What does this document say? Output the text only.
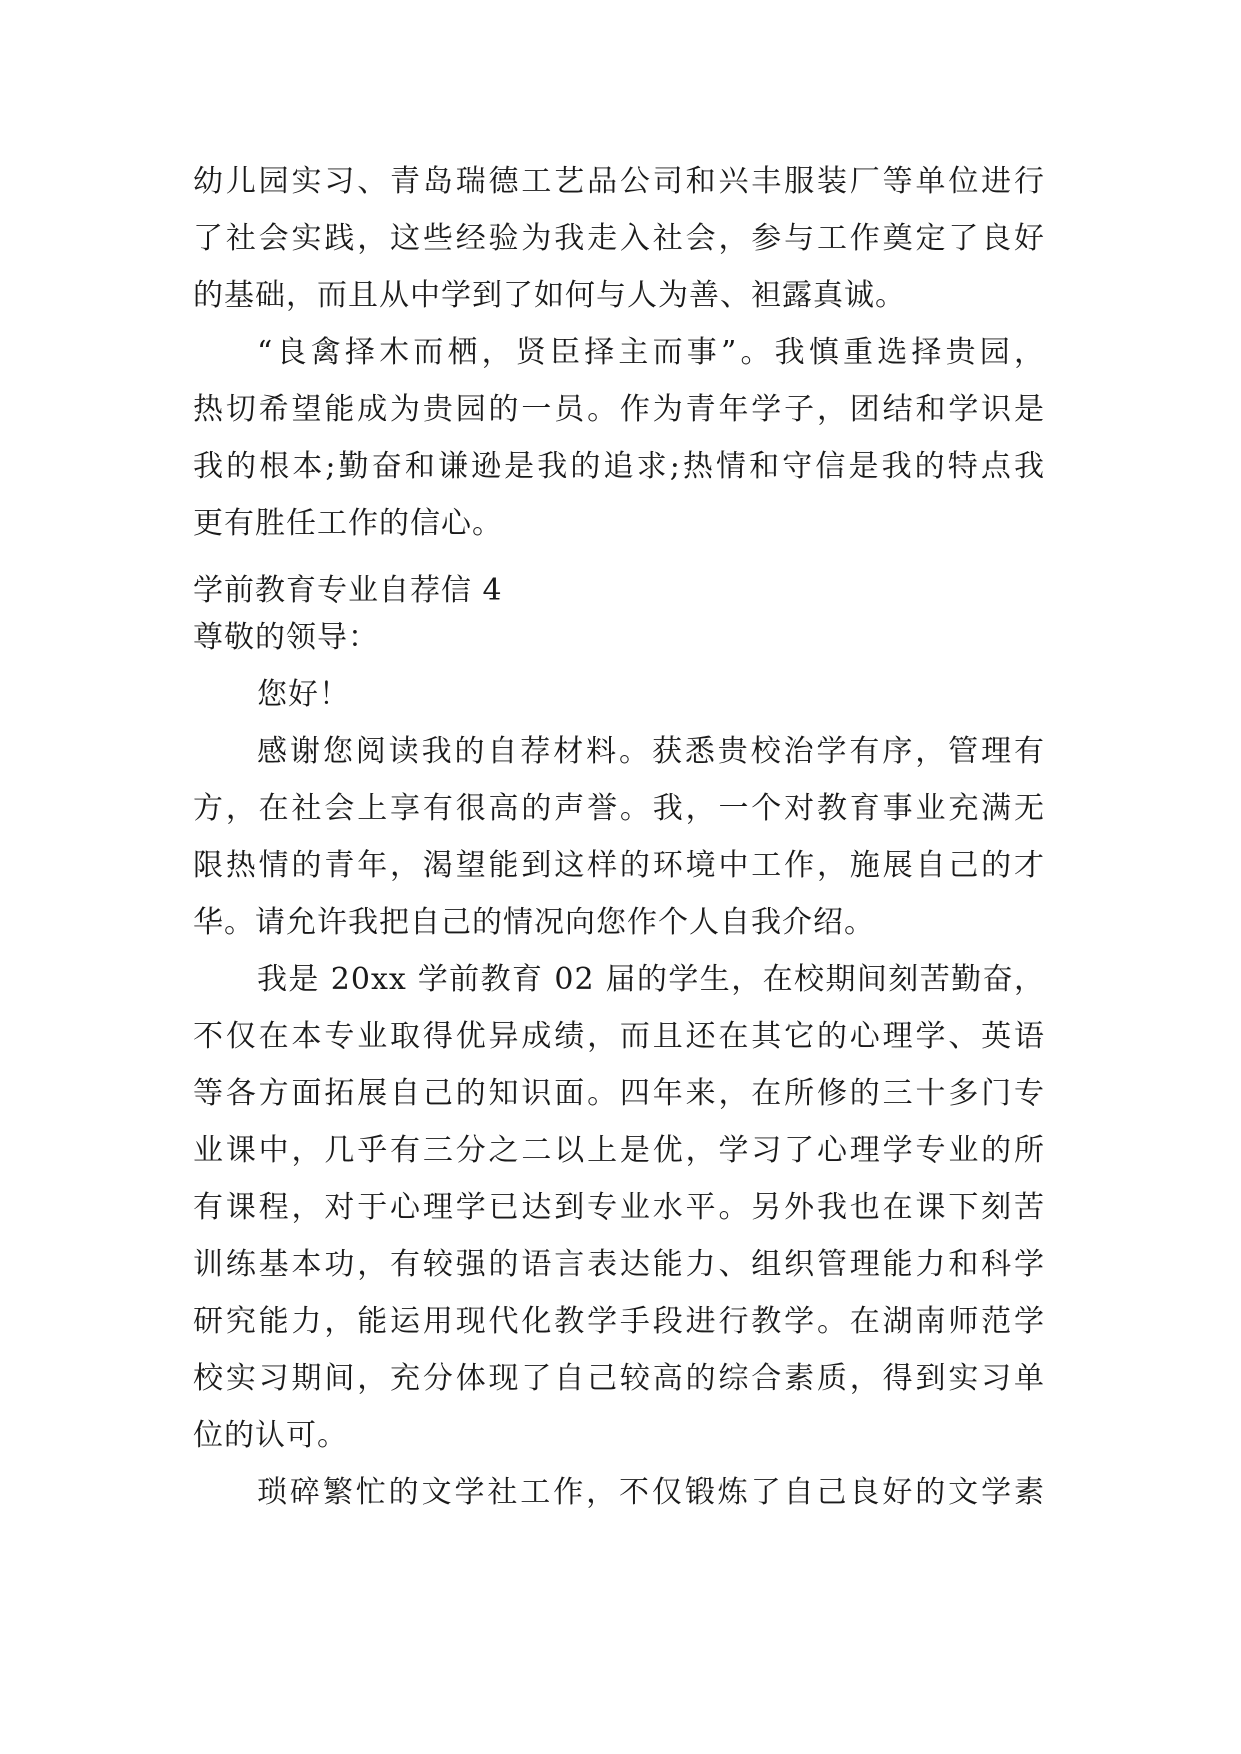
幼儿园实习、青岛瑞德工艺品公司和兴丰服装厂等单位进行
了社会实践，这些经验为我走入社会，参与工作奠定了良好
的基础，而且从中学到了如何与人为善、袒露真诚。
“良禽择木而栖，贤臣择主而事”。我慎重选择贵园，
热切希望能成为贵园的一员。作为青年学子，团结和学识是
我的根本;勤奋和谦逊是我的追求;热情和守信是我的特点我
更有胜任工作的信心。
学前教育专业自荐信 4
尊敬的领导：
您好！
感谢您阅读我的自荐材料。获悉贵校治学有序，管理有
方，在社会上享有很高的声誉。我，一个对教育事业充满无
限热情的青年，渴望能到这样的环境中工作，施展自己的才
华。请允许我把自己的情况向您作个人自我介绍。
我是 20xx 学前教育 02 届的学生，在校期间刻苦勤奋，
不仅在本专业取得优异成绩，而且还在其它的心理学、英语
等各方面拓展自己的知识面。四年来，在所修的三十多门专
业课中，几乎有三分之二以上是优，学习了心理学专业的所
有课程，对于心理学已达到专业水平。另外我也在课下刻苦
训练基本功，有较强的语言表达能力、组织管理能力和科学
研究能力，能运用现代化教学手段进行教学。在湖南师范学
校实习期间，充分体现了自己较高的综合素质，得到实习单
位的认可。
琐碎繁忙的文学社工作，不仅锻炼了自己良好的文学素
